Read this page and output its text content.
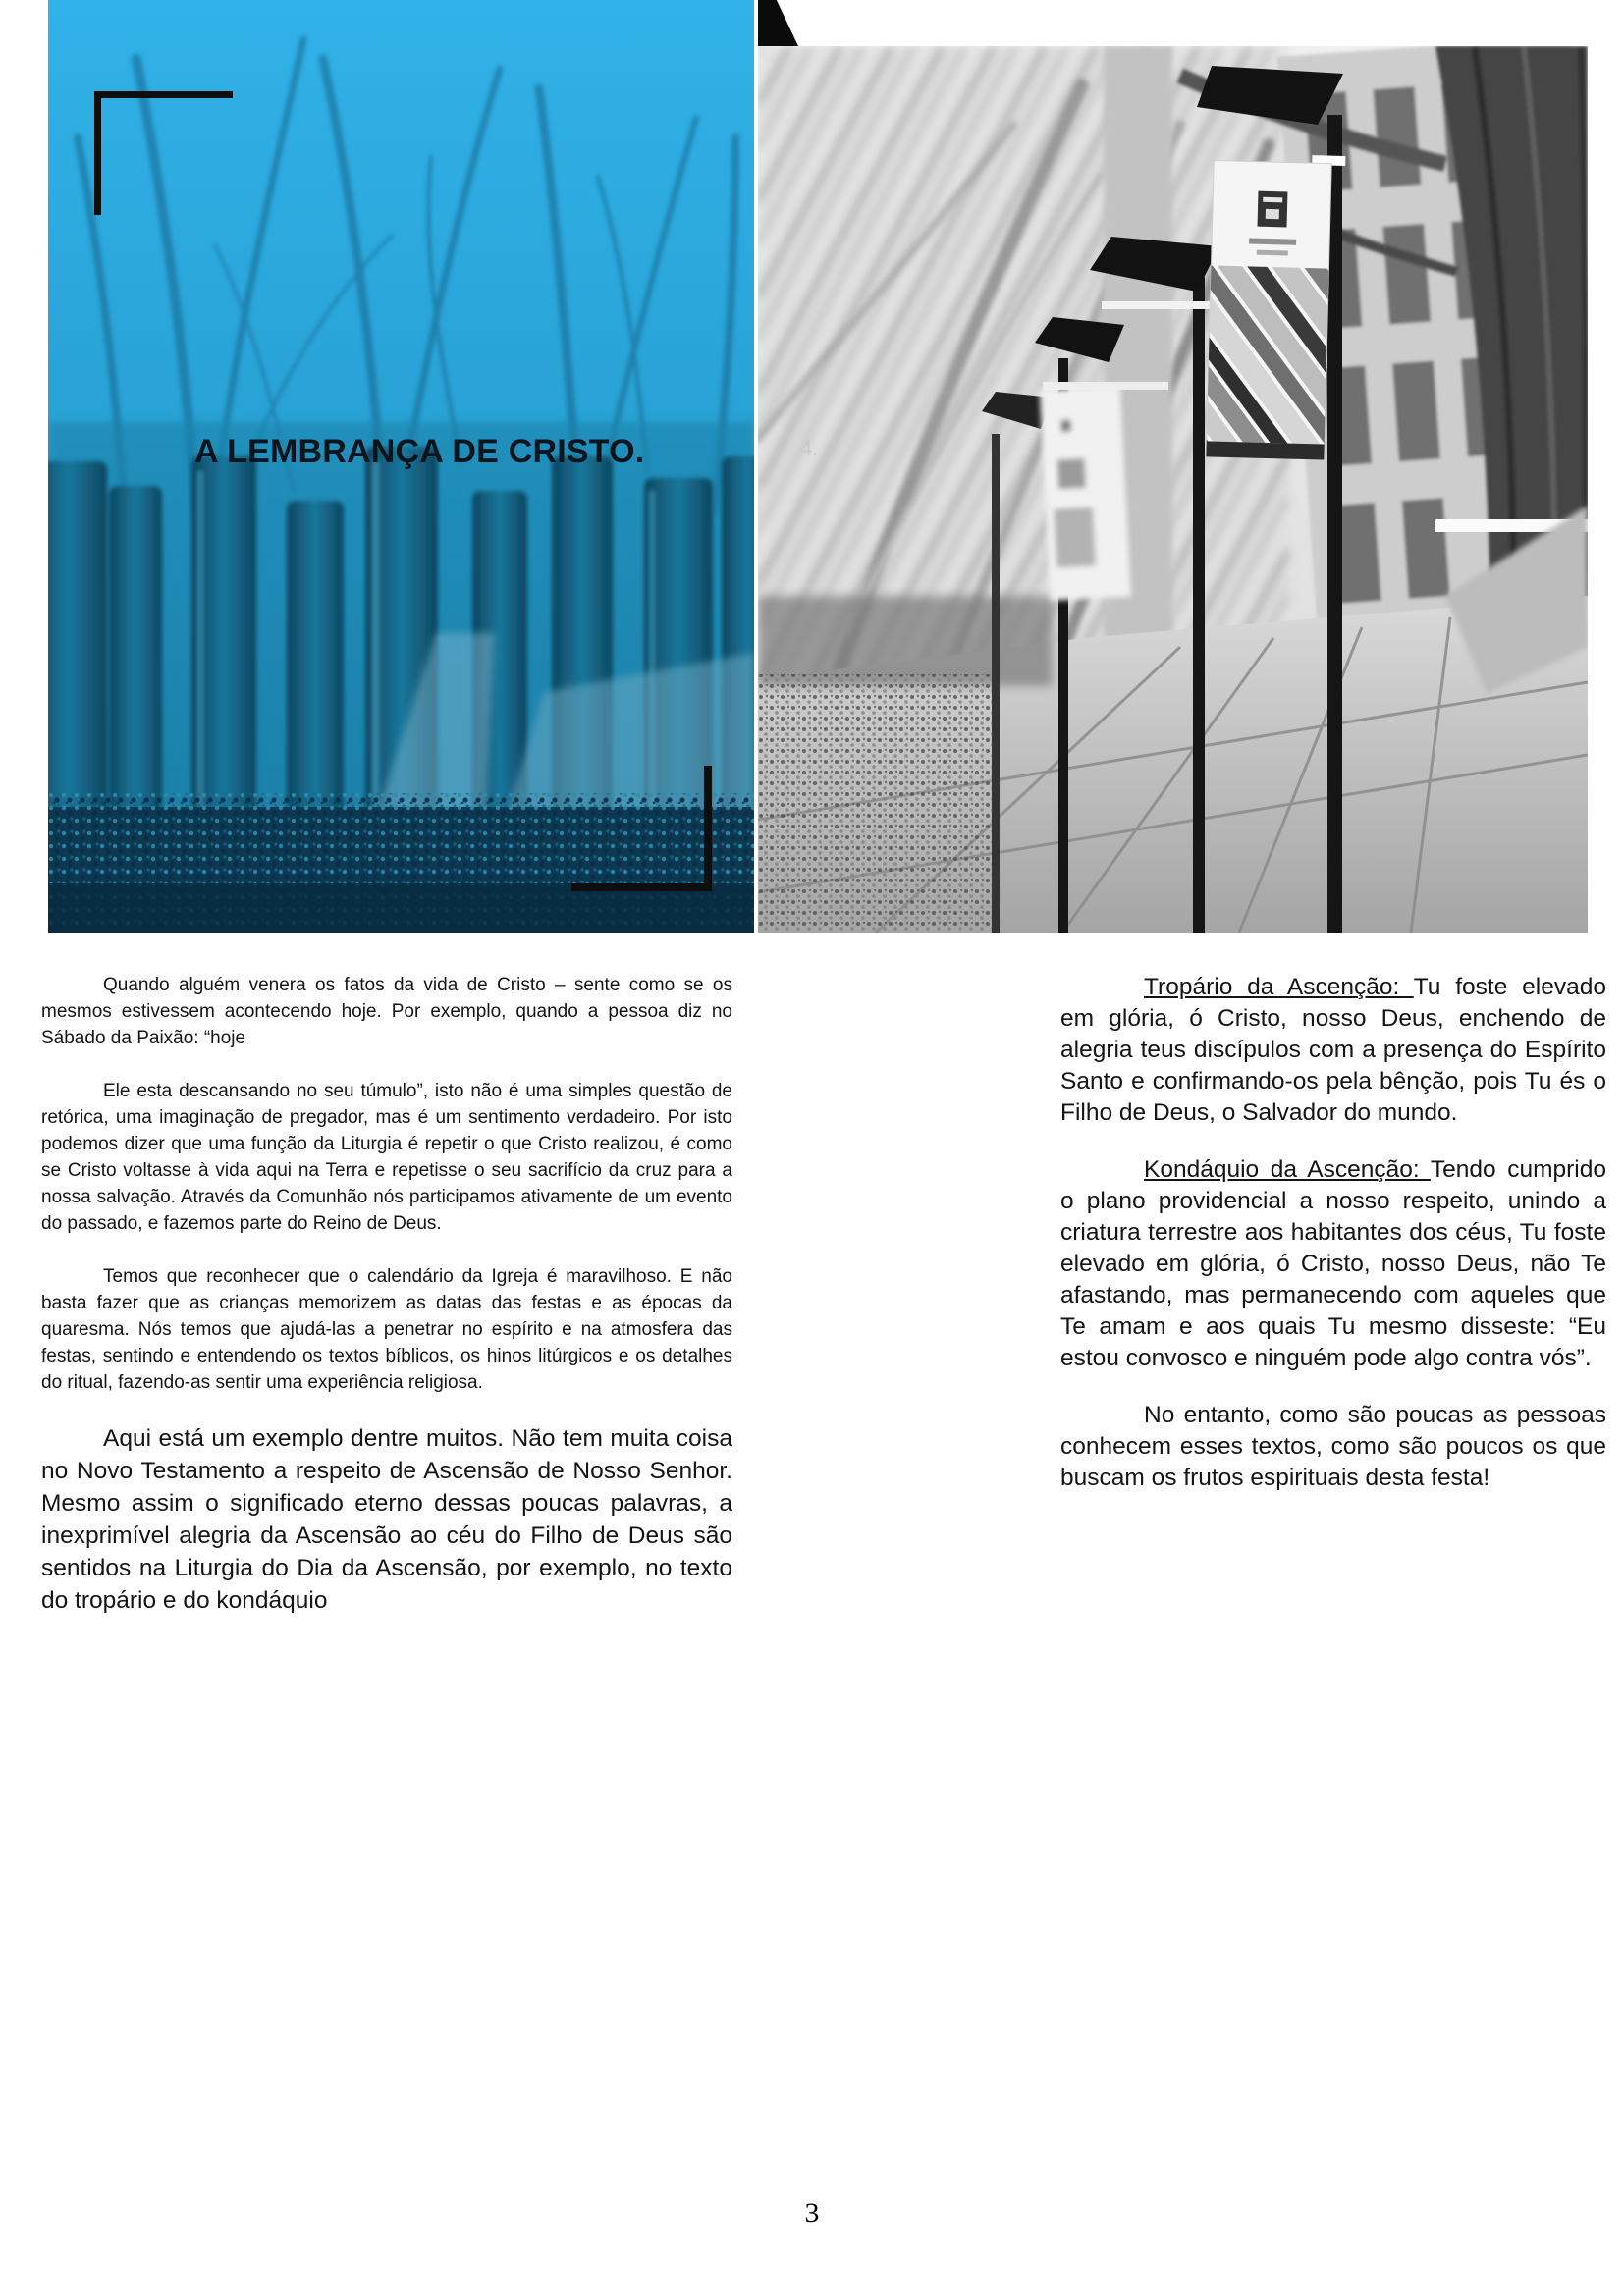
A LEMBRANÇA DE CRISTO.	4.

Quando alguém venera os fatos da vida de Cristo – sente como se os mesmos estivessem acontecendo hoje. Por exemplo, quando a pessoa diz no Sábado da Paixão: “hoje

Ele esta descansando no seu túmulo”, isto não é uma simples questão de retórica, uma imaginação de pregador, mas é um sentimento verdadeiro. Por isto podemos dizer que uma função da Liturgia é repetir o que Cristo realizou, é como se Cristo voltasse à vida aqui na Terra e repetisse o seu sacrifício da cruz para a nossa salvação. Através da Comunhão nós participamos ativamente de um evento do passado, e fazemos parte do Reino de Deus.

Temos que reconhecer que o calendário da Igreja é maravilhoso. E não basta fazer que as crianças memorizem as datas das festas e as épocas da quaresma. Nós temos que ajudá-las a penetrar no espírito e na atmosfera das festas, sentindo e entendendo os textos bíblicos, os hinos litúrgicos e os detalhes do ritual, fazendo-as sentir uma experiência religiosa.

Aqui está um exemplo dentre muitos. Não tem muita coisa no Novo Testamento a respeito de Ascensão de Nosso Senhor. Mesmo assim o significado eterno dessas poucas palavras, a inexprimível alegria da Ascensão ao céu do Filho de Deus são sentidos na Liturgia do Dia da Ascensão, por exemplo, no texto do tropário e do kondáquio

Tropário da Ascenção: Tu foste elevado em glória, ó Cristo, nosso Deus, enchendo de alegria teus discípulos com a presença do Espírito Santo e confirmando-os pela bênção, pois Tu és o Filho de Deus, o Salvador do mundo.

Kondáquio da Ascenção: Tendo cumprido o plano providencial a nosso respeito, unindo a criatura terrestre aos habitantes dos céus, Tu foste elevado em glória, ó Cristo, nosso Deus, não Te afastando, mas permanecendo com aqueles que Te amam e aos quais Tu mesmo disseste: “Eu estou convosco e ninguém pode algo contra vós”.

No entanto, como são poucas as pessoas conhecem esses textos, como são poucos os que buscam os frutos espirituais desta festa!

3
